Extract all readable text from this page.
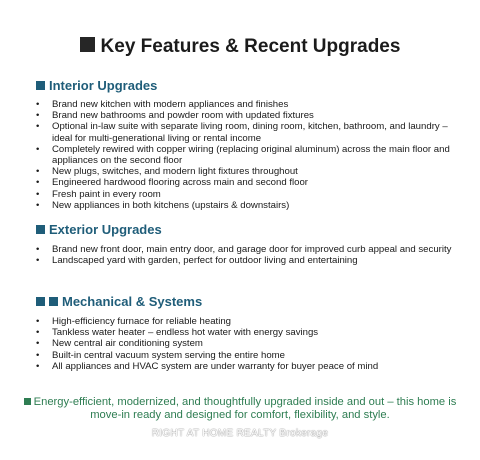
Key Features & Recent Upgrades
Interior Upgrades
• Brand new kitchen with modern appliances and finishes
• Brand new bathrooms and powder room with updated fixtures
• Optional in-law suite with separate living room, dining room, kitchen, bathroom, and laundry – ideal for multi-generational living or rental income
• Completely rewired with copper wiring (replacing original aluminum) across the main floor and appliances on the second floor
• New plugs, switches, and modern light fixtures throughout
• Engineered hardwood flooring across main and second floor
• Fresh paint in every room
• New appliances in both kitchens (upstairs & downstairs)
Exterior Upgrades
• Brand new front door, main entry door, and garage door for improved curb appeal and security
• Landscaped yard with garden, perfect for outdoor living and entertaining
Mechanical & Systems
• High-efficiency furnace for reliable heating
• Tankless water heater – endless hot water with energy savings
• New central air conditioning system
• Built-in central vacuum system serving the entire home
• All appliances and HVAC system are under warranty for buyer peace of mind
Energy-efficient, modernized, and thoughtfully upgraded inside and out – this home is move-in ready and designed for comfort, flexibility, and style.
RIGHT AT HOME REALTY Brokerage
